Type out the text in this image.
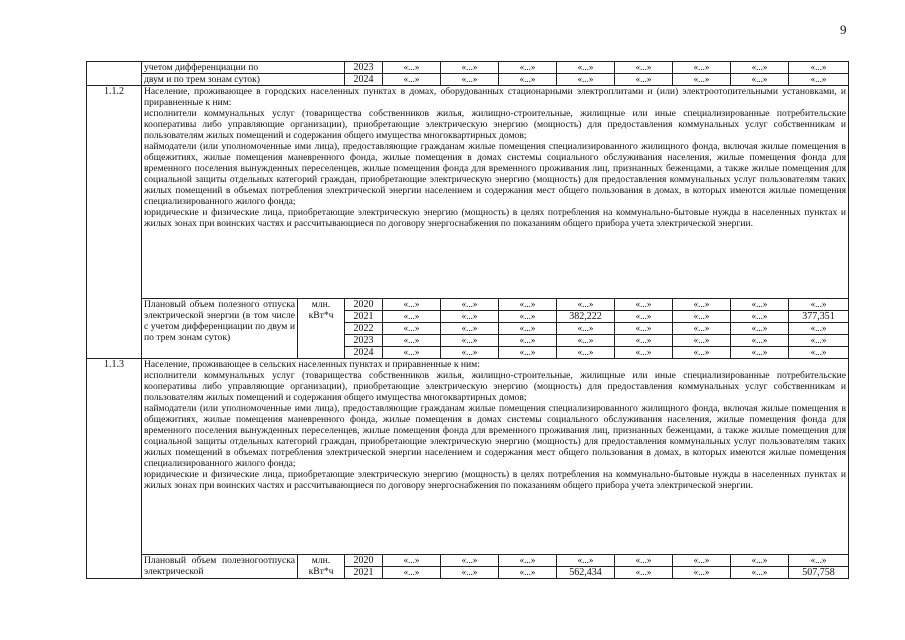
9
	учетом дифференциации по		2023	«...»	«...»	«...»	«...»	«...»	«...»	«...»	«...»
	двум и по трем зонам суток)		2024	«...»	«...»	«...»	«...»	«...»	«...»	«...»	«...»
1.1.2	Население, проживающее в городских населенных пунктах в домах, оборудованных стационарными электроплитами и (или) электроотопительными установками, и приравненные к ним:
исполнители коммунальных услуг (товарищества собственников жилья, жилищно-строительные, жилищные или иные специализированные потребительские кооперативы либо управляющие организации), приобретающие электрическую энергию (мощность) для предоставления коммунальных услуг собственникам и пользователям жилых помещений и содержания общего имущества многоквартирных домов;
наймодатели (или уполномоченные ими лица), предоставляющие гражданам жилые помещения специализированного жилищного фонда, включая жилые помещения в общежитиях, жилые помещения маневренного фонда, жилые помещения в домах системы социального обслуживания населения, жилые помещения фонда для временного поселения вынужденных переселенцев, жилые помещения фонда для временного проживания лиц, признанных беженцами, а также жилые помещения для социальной защиты отдельных категорий граждан, приобретающие электрическую энергию (мощность) для предоставления коммунальных услуг пользователям таких жилых помещений в объемах потребления электрической энергии населением и содержания мест общего пользования в домах, в которых имеются жилые помещения специализированного жилого фонда;
юридические и физические лица, приобретающие электрическую энергию (мощность) в целях потребления на коммунально-бытовые нужды в населенных пунктах и жилых зонах при воинских частях и рассчитывающиеся по договору энергоснабжения по показаниям общего прибора учета электрической энергии.										

	Плановый объем полезного отпуска электрической энергии (в том числе с учетом дифференциации по двум и по трем зонам суток)	млн. кВт*ч	2020	«...»	«...»	«...»	«...»	«...»	«...»	«...»	«...»
			2021	«...»	«...»	«...»	382,222	«...»	«...»	«...»	377,351
			2022	«...»	«...»	«...»	«...»	«...»	«...»	«...»	«...»
			2023	«...»	«...»	«...»	«...»	«...»	«...»	«...»	«...»
			2024	«...»	«...»	«...»	«...»	«...»	«...»	«...»	«...»
1.1.3	Население, проживающее в сельских населенных пунктах и приравненные к ним:
исполнители коммунальных услуг (товарищества собственников жилья, жилищно-строительные, жилищные или иные специализированные потребительские кооперативы либо управляющие организации), приобретающие электрическую энергию (мощность) для предоставления коммунальных услуг собственникам и пользователям жилых помещений и содержания общего имущества многоквартирных домов;
наймодатели (или уполномоченные ими лица), предоставляющие гражданам жилые помещения специализированного жилищного фонда, включая жилые помещения в общежитиях, жилые помещения маневренного фонда, жилые помещения в домах системы социального обслуживания населения, жилые помещения фонда для временного поселения вынужденных переселенцев, жилые помещения фонда для временного проживания лиц, признанных беженцами, а также жилые помещения для социальной защиты отдельных категорий граждан, приобретающие электрическую энергию (мощность) для предоставления коммунальных услуг пользователям таких жилых помещений в объемах потребления электрической энергии населением и содержания мест общего пользования в домах, в которых имеются жилые помещения специализированного жилого фонда;
юридические и физические лица, приобретающие электрическую энергию (мощность) в целях потребления на коммунально-бытовые нужды в населенных пунктах и жилых зонах при воинских частях и рассчитывающиеся по договору энергоснабжения по показаниям общего прибора учета электрической энергии.										

	Плановый объем полезногоотпуска электрической	млн. кВт*ч	2020	«...»	«...»	«...»	«...»	«...»	«...»	«...»	«...»
			2021	«...»	«...»	«...»	562,434	«...»	«...»	«...»	507,758
